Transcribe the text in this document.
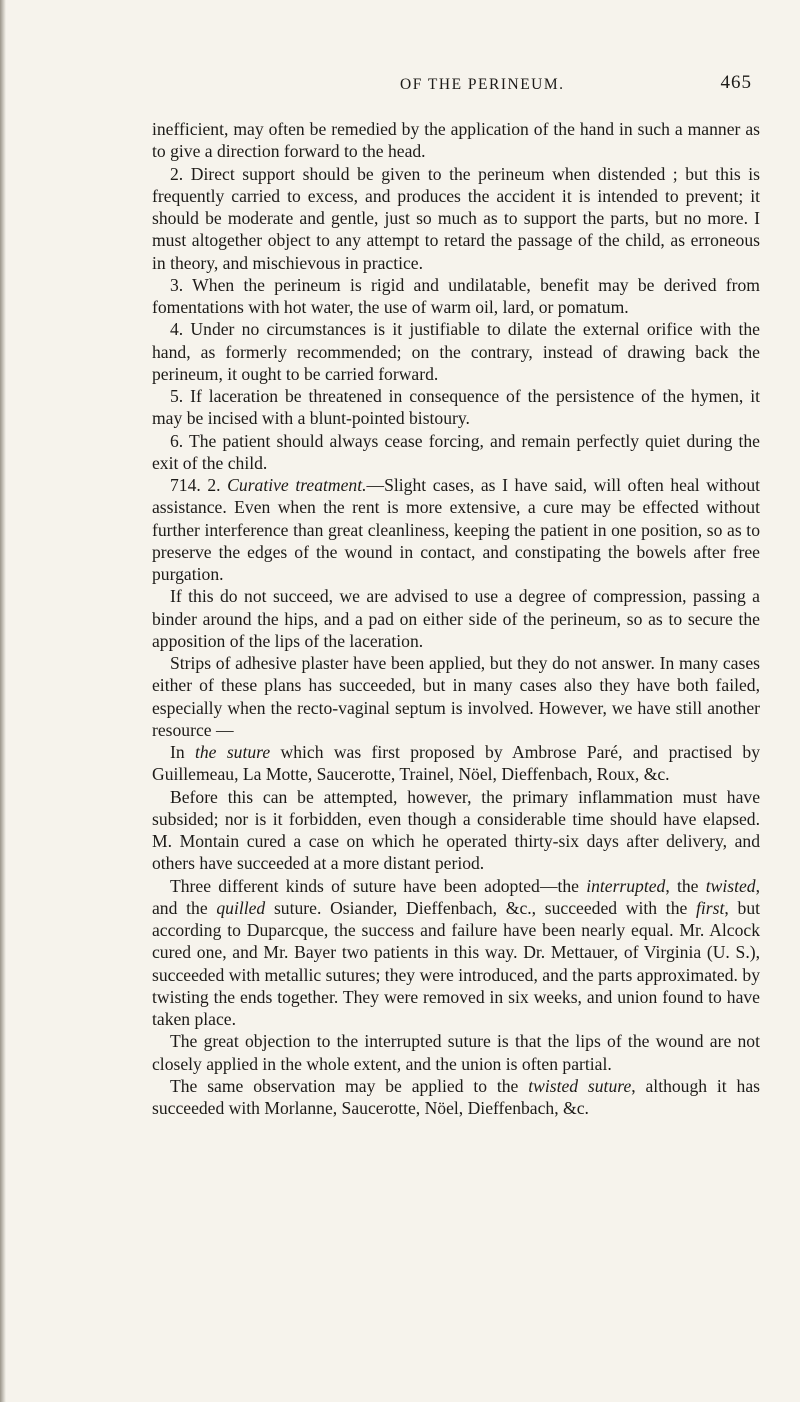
OF THE PERINEUM.	465

inefficient, may often be remedied by the application of the hand in such a manner as to give a direction forward to the head.

2. Direct support should be given to the perineum when distended ; but this is frequently carried to excess, and produces the accident it is intended to prevent; it should be moderate and gentle, just so much as to support the parts, but no more. I must altogether object to any attempt to retard the passage of the child, as erroneous in theory, and mischievous in practice.

3. When the perineum is rigid and undilatable, benefit may be derived from fomentations with hot water, the use of warm oil, lard, or pomatum.

4. Under no circumstances is it justifiable to dilate the external orifice with the hand, as formerly recommended; on the contrary, instead of drawing back the perineum, it ought to be carried forward.

5. If laceration be threatened in consequence of the persistence of the hymen, it may be incised with a blunt-pointed bistoury.

6. The patient should always cease forcing, and remain perfectly quiet during the exit of the child.

714. 2. Curative treatment.—Slight cases, as I have said, will often heal without assistance. Even when the rent is more extensive, a cure may be effected without further interference than great cleanliness, keeping the patient in one position, so as to preserve the edges of the wound in contact, and constipating the bowels after free purgation.

If this do not succeed, we are advised to use a degree of compression, passing a binder around the hips, and a pad on either side of the perineum, so as to secure the apposition of the lips of the laceration.

Strips of adhesive plaster have been applied, but they do not answer. In many cases either of these plans has succeeded, but in many cases also they have both failed, especially when the recto-vaginal septum is involved. However, we have still another resource —

In the suture which was first proposed by Ambrose Paré, and practised by Guillemeau, La Motte, Saucerotte, Trainel, Nöel, Dieffenbach, Roux, &c.

Before this can be attempted, however, the primary inflammation must have subsided; nor is it forbidden, even though a considerable time should have elapsed. M. Montain cured a case on which he operated thirty-six days after delivery, and others have succeeded at a more distant period.

Three different kinds of suture have been adopted—the interrupted, the twisted, and the quilled suture. Osiander, Dieffenbach, &c., succeeded with the first, but according to Duparcque, the success and failure have been nearly equal. Mr. Alcock cured one, and Mr. Bayer two patients in this way. Dr. Mettauer, of Virginia (U. S.), succeeded with metallic sutures; they were introduced, and the parts approximated. by twisting the ends together. They were removed in six weeks, and union found to have taken place.

The great objection to the interrupted suture is that the lips of the wound are not closely applied in the whole extent, and the union is often partial.

The same observation may be applied to the twisted suture, although it has succeeded with Morlanne, Saucerotte, Nöel, Dieffenbach, &c.
